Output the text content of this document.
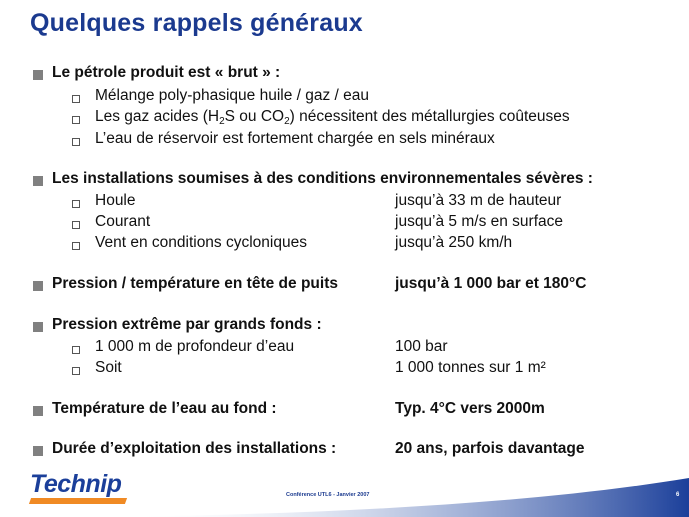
Quelques rappels généraux
Le pétrole produit est « brut » :
Mélange poly-phasique huile / gaz / eau
Les gaz acides ($H_2S$ ou $CO_2$) nécessitent des métallurgies coûteuses
L’eau de réservoir est fortement chargée en sels minéraux
Les installations soumises à des conditions environnementales sévères :
Houle	jusqu’à 33 m de hauteur
Courant	jusqu’à 5 m/s en surface
Vent en conditions cycloniques	jusqu’à 250 km/h
Pression / température en tête de puits	jusqu’à 1 000 bar et 180°C
Pression extrême par grands fonds :
1 000 m de profondeur d’eau	100 bar
Soit	1 000 tonnes sur 1 m²
Température de l’eau au fond :	Typ. 4°C vers 2000m
Durée d’exploitation des installations :	20 ans, parfois davantage
Technip	Conférence UTL6 - Janvier 2007	6
